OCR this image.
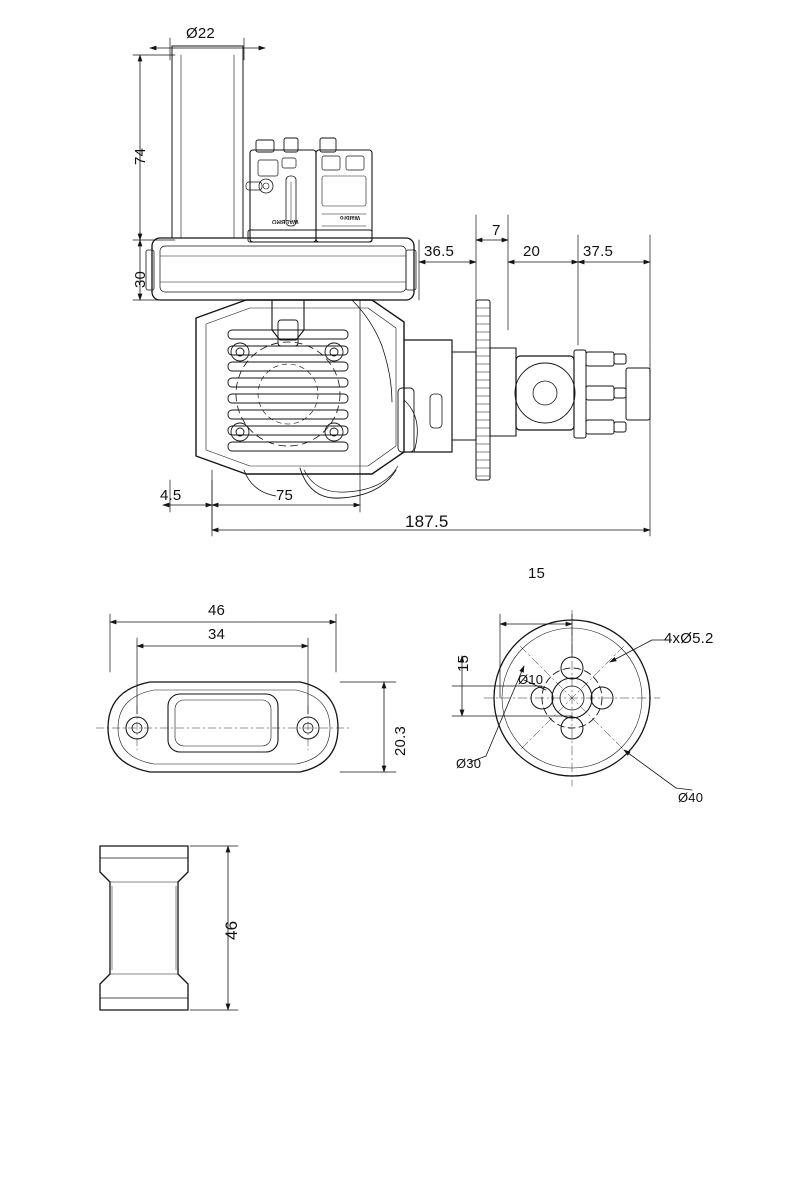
Ø22
74
30
36.5
7
20	37.5
4.5	75
187.5
46
34
20.3
15
15
4xØ5.2
Ø10
Ø30
Ø40
46
WALBRO
Walbro
